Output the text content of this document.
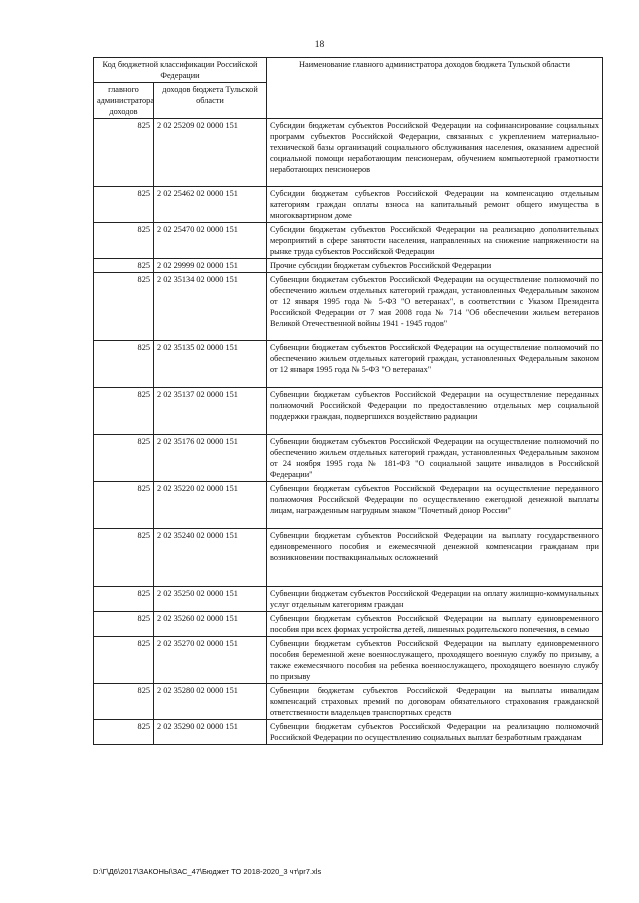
18
Код бюджетной классификации Российской Федерации		Наименование главного администратора доходов бюджета Тульской области
главного администратора доходов	доходов бюджета Тульской области	
825	2 02 25209 02 0000 151	Субсидии бюджетам субъектов Российской Федерации на софинансирование социальных программ субъектов Российской Федерации, связанных с укреплением материально-технической базы организаций социального обслуживания населения, оказанием адресной социальной помощи неработающим пенсионерам, обучением компьютерной грамотности неработающих пенсионеров
825	2 02 25462 02 0000 151	Субсидии бюджетам субъектов Российской Федерации на компенсацию отдельным категориям граждан оплаты взноса на капитальный ремонт общего имущества в многоквартирном доме
825	2 02 25470 02 0000 151	Субсидии бюджетам субъектов Российской Федерации на реализацию дополнительных мероприятий в сфере занятости населения, направленных на снижение напряженности на рынке труда субъектов Российской Федерации
825	2 02 29999 02 0000 151	Прочие субсидии бюджетам субъектов Российской Федерации
825	2 02 35134 02 0000 151	Субвенции бюджетам субъектов Российской Федерации на осуществление полномочий по обеспечению жильем отдельных категорий граждан, установленных Федеральным законом от 12 января 1995 года № 5-ФЗ "О ветеранах", в соответствии с Указом Президента Российской Федерации от 7 мая 2008 года № 714 "Об обеспечении жильем ветеранов Великой Отечественной войны 1941 - 1945 годов"
825	2 02 35135 02 0000 151	Субвенции бюджетам субъектов Российской Федерации на осуществление полномочий по обеспечению жильем отдельных категорий граждан, установленных Федеральным законом от 12 января 1995 года № 5-ФЗ "О ветеранах"
825	2 02 35137 02 0000 151	Субвенции бюджетам субъектов Российской Федерации на осуществление переданных полномочий Российской Федерации по предоставлению отдельных мер социальной поддержки граждан, подвергшихся воздействию радиации
825	2 02 35176 02 0000 151	Субвенции бюджетам субъектов Российской Федерации на осуществление полномочий по обеспечению жильем отдельных категорий граждан, установленных Федеральным законом от 24 ноября 1995 года № 181-ФЗ "О социальной защите инвалидов в Российской Федерации"
825	2 02 35220 02 0000 151	Субвенции бюджетам субъектов Российской Федерации на осуществление переданного полномочия Российской Федерации по осуществлению ежегодной денежной выплаты лицам, награжденным нагрудным знаком "Почетный донор России"
825	2 02 35240 02 0000 151	Субвенции бюджетам субъектов Российской Федерации на выплату государственного единовременного пособия и ежемесячной денежной компенсации гражданам при возникновении поствакцинальных осложнений
825	2 02 35250 02 0000 151	Субвенции бюджетам субъектов Российской Федерации на оплату жилищно-коммунальных услуг отдельным категориям граждан
825	2 02 35260 02 0000 151	Субвенции бюджетам субъектов Российской Федерации на выплату единовременного пособия при всех формах устройства детей, лишенных родительского попечения, в семью
825	2 02 35270 02 0000 151	Субвенции бюджетам субъектов Российской Федерации на выплату единовременного пособия беременной жене военнослужащего, проходящего военную службу по призыву, а также ежемесячного пособия на ребенка военнослужащего, проходящего военную службу по призыву
825	2 02 35280 02 0000 151	Субвенции бюджетам субъектов Российской Федерации на выплаты инвалидам компенсаций страховых премий по договорам обязательного страхования гражданской ответственности владельцев транспортных средств
825	2 02 35290 02 0000 151	Субвенции бюджетам субъектов Российской Федерации на реализацию полномочий Российской Федерации по осуществлению социальных выплат безработным гражданам
D:\Г\Д6\2017\ЗАКОНЫ\ЗАС_47\Бюджет ТО 2018-2020_3 чт\pr7.xls
